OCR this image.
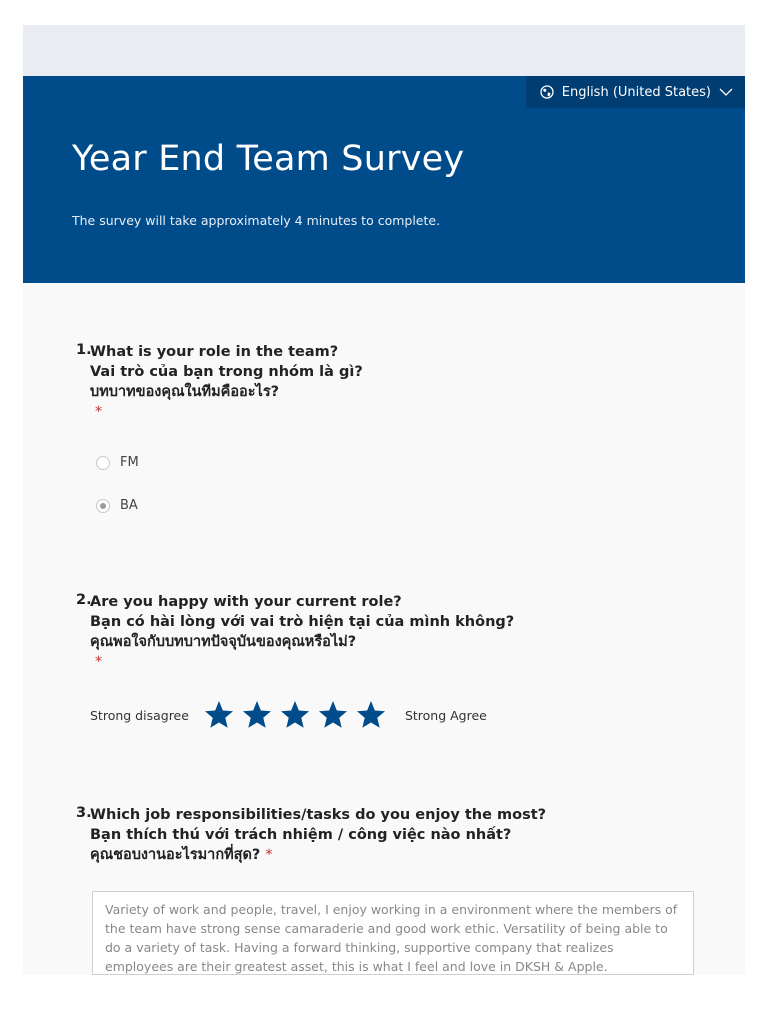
English (United States)
Year End Team Survey

The survey will take approximately 4 minutes to complete.

1.
What is your role in the team?
Vai trò của bạn trong nhóm là gì?
บทบาทของคุณในทีมคืออะไร?
*
FM
BA
2.
Are you happy with your current role?
Bạn có hài lòng với vai trò hiện tại của mình không?
คุณพอใจกับบทบาทปัจจุบันของคุณหรือไม่?
*
Strong disagree	Strong Agree
3.
Which job responsibilities/tasks do you enjoy the most?
Bạn thích thú với trách nhiệm / công việc nào nhất?
คุณชอบงานอะไรมากที่สุด? *
Variety of work and people, travel, I enjoy working in a environment where the members of the team have strong sense camaraderie and good work ethic. Versatility of being able to do a variety of task. Having a forward thinking, supportive company that realizes employees are their greatest asset, this is what I feel and love in DKSH & Apple.
